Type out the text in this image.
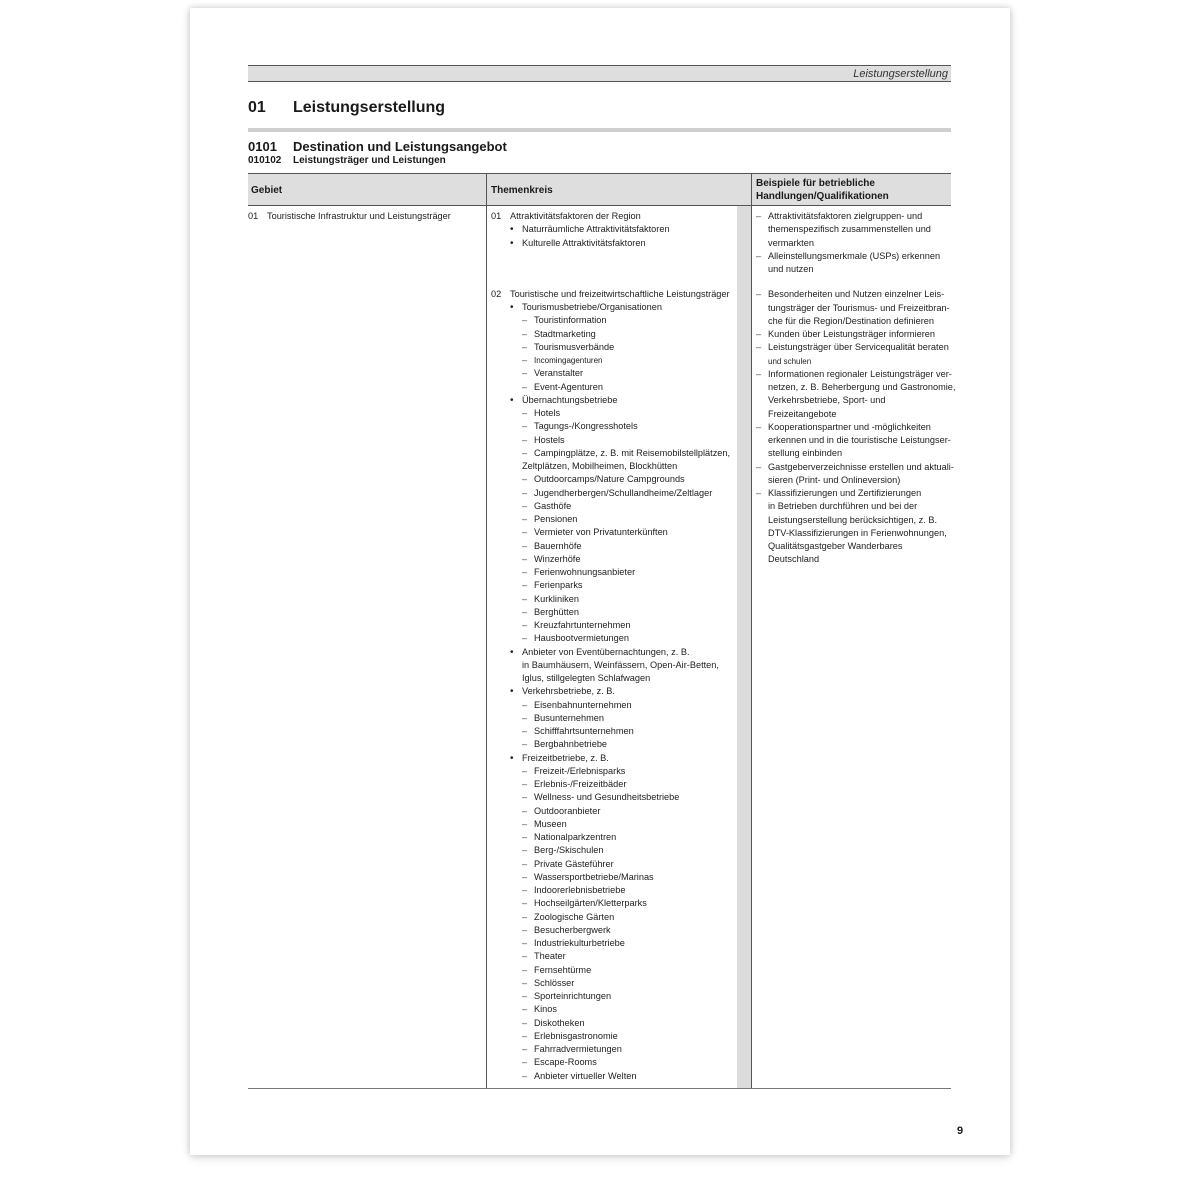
Leistungserstellung
01 Leistungserstellung
0101 Destination und Leistungsangebot
010102 Leistungsträger und Leistungen
Gebiet	Themenkreis
Beispiele für betriebliche Handlungen/Qualifikationen
01 Touristische Infrastruktur und Leistungsträger	01 Attraktivitätsfaktoren der Region
• Naturräumliche Attraktivitätsfaktoren
• Kulturelle Attraktivitätsfaktoren
02 Touristische und freizeitwirtschaftliche Leistungsträger
• Tourismusbetriebe/Organisationen
– Touristinformation
– Stadtmarketing
– Tourismusverbände
– Incomingagenturen
– Veranstalter
– Event-Agenturen
• Übernachtungsbetriebe
– Hotels
– Tagungs-/Kongresshotels
– Hostels
– Campingplätze, z. B. mit Reisemobilstellplätzen,
Zeltplätzen, Mobilheimen, Blockhütten
– Outdoorcamps/Nature Campgrounds
– Jugendherbergen/Schullandheime/Zeltlager
– Gasthöfe
– Pensionen
– Vermieter von Privatunterkünften
– Bauernhöfe
– Winzerhöfe
– Ferienwohnungsanbieter
– Ferienparks
– Kurkliniken
– Berghütten
– Kreuzfahrtunternehmen
– Hausbootvermietungen
• Anbieter von Eventübernachtungen, z. B.
in Baumhäusern, Weinfässern, Open-Air-Betten,
Iglus, stillgelegten Schlafwagen
• Verkehrsbetriebe, z. B.
– Eisenbahnunternehmen
– Busunternehmen
– Schifffahrtsunternehmen
– Bergbahnbetriebe
• Freizeitbetriebe, z. B.
– Freizeit-/Erlebnisparks
– Erlebnis-/Freizeitbäder
– Wellness- und Gesundheitsbetriebe
– Outdooranbieter
– Museen
– Nationalparkzentren
– Berg-/Skischulen
– Private Gästeführer
– Wassersportbetriebe/Marinas
– Indoorerlebnisbetriebe
– Hochseilgärten/Kletterparks
– Zoologische Gärten
– Besucherbergwerk
– Industriekulturbetriebe
– Theater
– Fernsehtürme
– Schlösser
– Sporteinrichtungen
– Kinos
– Diskotheken
– Erlebnisgastronomie
– Fahrradvermietungen
– Escape-Rooms
– Anbieter virtueller Welten
– Attraktivitätsfaktoren zielgruppen- und
themenspezifisch zusammenstellen und
vermarkten
– Alleinstellungsmerkmale (USPs) erkennen
und nutzen
– Besonderheiten und Nutzen einzelner Leis-
tungsträger der Tourismus- und Freizeitbran-
che für die Region/Destination definieren
– Kunden über Leistungsträger informieren
– Leistungsträger über Servicequalität beraten
und schulen
– Informationen regionaler Leistungsträger ver-
netzen, z. B. Beherbergung und Gastronomie,
Verkehrsbetriebe, Sport- und Freizeitangebote
– Kooperationspartner und -möglichkeiten
erkennen und in die touristische Leistungser-
stellung einbinden
– Gastgeberverzeichnisse erstellen und aktuali-
sieren (Print- und Onlineversion)
– Klassifizierungen und Zertifizierungen
in Betrieben durchführen und bei der
Leistungserstellung berücksichtigen, z. B.
DTV-Klassifizierungen in Ferienwohnungen,
Qualitätsgastgeber Wanderbares Deutschland
9
